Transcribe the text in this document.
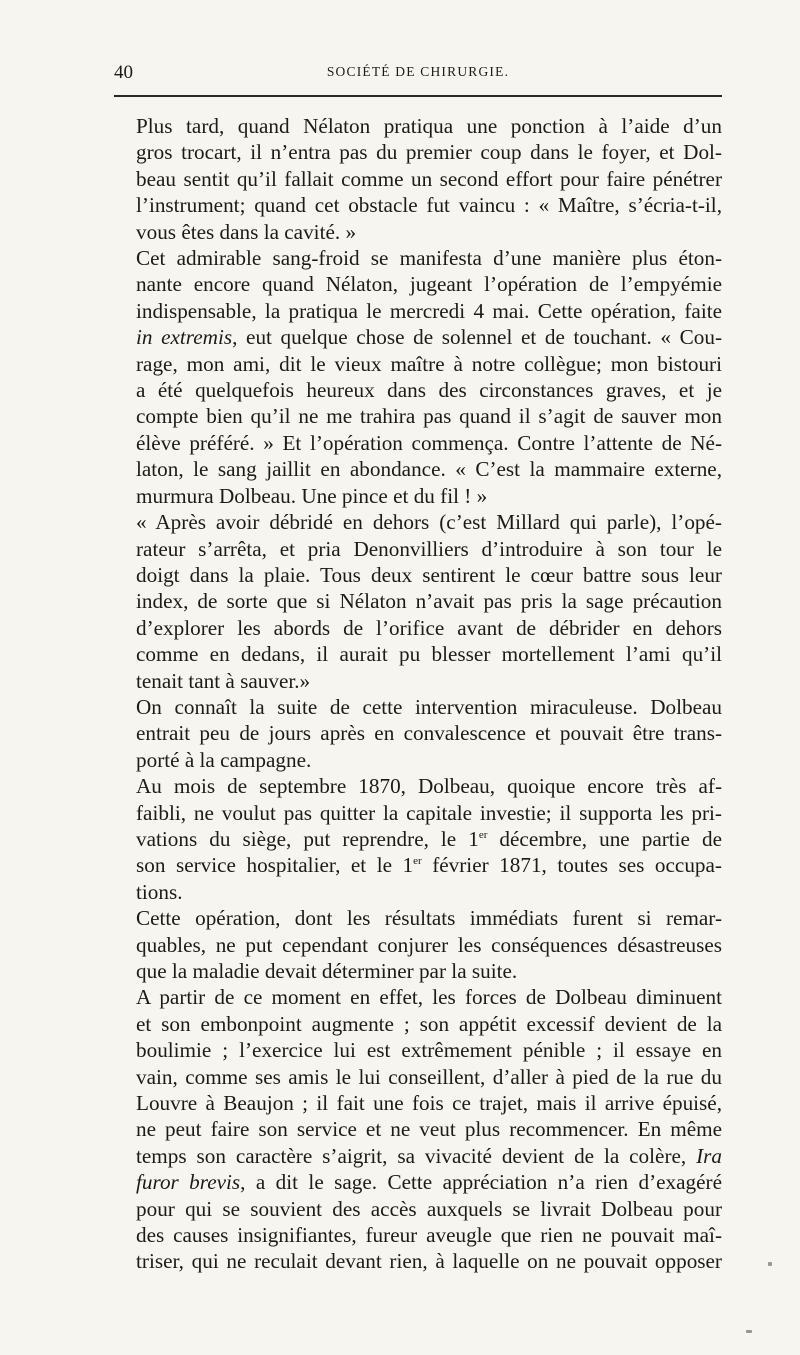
40	SOCIÉTÉ DE CHIRURGIE.

Plus tard, quand Nélaton pratiqua une ponction à l’aide d’un
gros trocart, il n’entra pas du premier coup dans le foyer, et Dol-
beau sentit qu’il fallait comme un second effort pour faire pénétrer
l’instrument; quand cet obstacle fut vaincu : « Maître, s’écria-t-il,
vous êtes dans la cavité. »

Cet admirable sang-froid se manifesta d’une manière plus éton-
nante encore quand Nélaton, jugeant l’opération de l’empyémie
indispensable, la pratiqua le mercredi 4 mai. Cette opération, faite
in extremis, eut quelque chose de solennel et de touchant. « Cou-
rage, mon ami, dit le vieux maître à notre collègue; mon bistouri
a été quelquefois heureux dans des circonstances graves, et je
compte bien qu’il ne me trahira pas quand il s’agit de sauver mon
élève préféré. » Et l’opération commença. Contre l’attente de Né-
laton, le sang jaillit en abondance. « C’est la mammaire externe,
murmura Dolbeau. Une pince et du fil ! »

« Après avoir débridé en dehors (c’est Millard qui parle), l’opé-
rateur s’arrêta, et pria Denonvilliers d’introduire à son tour le
doigt dans la plaie. Tous deux sentirent le cœur battre sous leur
index, de sorte que si Nélaton n’avait pas pris la sage précaution
d’explorer les abords de l’orifice avant de débrider en dehors
comme en dedans, il aurait pu blesser mortellement l’ami qu’il
tenait tant à sauver.»

On connaît la suite de cette intervention miraculeuse. Dolbeau
entrait peu de jours après en convalescence et pouvait être trans-
porté à la campagne.

Au mois de septembre 1870, Dolbeau, quoique encore très af-
faibli, ne voulut pas quitter la capitale investie; il supporta les pri-
vations du siège, put reprendre, le 1er décembre, une partie de
son service hospitalier, et le 1er février 1871, toutes ses occupa-
tions.

Cette opération, dont les résultats immédiats furent si remar-
quables, ne put cependant conjurer les conséquences désastreuses
que la maladie devait déterminer par la suite.

A partir de ce moment en effet, les forces de Dolbeau diminuent
et son embonpoint augmente ; son appétit excessif devient de la
boulimie ; l’exercice lui est extrêmement pénible ; il essaye en
vain, comme ses amis le lui conseillent, d’aller à pied de la rue du
Louvre à Beaujon ; il fait une fois ce trajet, mais il arrive épuisé,
ne peut faire son service et ne veut plus recommencer. En même
temps son caractère s’aigrit, sa vivacité devient de la colère, Ira
furor brevis, a dit le sage. Cette appréciation n’a rien d’exagéré
pour qui se souvient des accès auxquels se livrait Dolbeau pour
des causes insignifiantes, fureur aveugle que rien ne pouvait maî-
triser, qui ne reculait devant rien, à laquelle on ne pouvait opposer
